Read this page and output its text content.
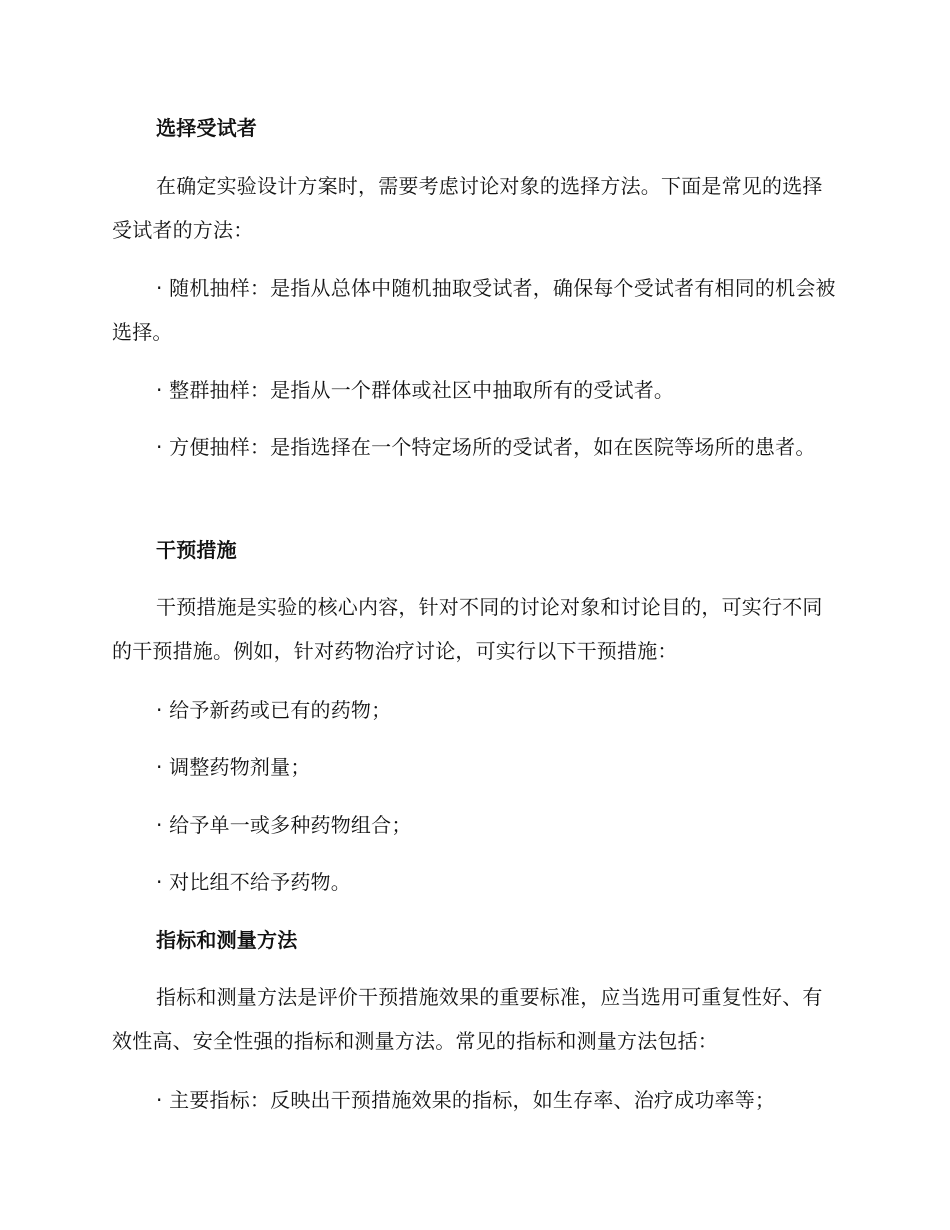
选择受试者

在确定实验设计方案时，需要考虑讨论对象的选择方法。下面是常见的选择受试者的方法：

· 随机抽样：是指从总体中随机抽取受试者，确保每个受试者有相同的机会被选择。

· 整群抽样：是指从一个群体或社区中抽取所有的受试者。

· 方便抽样：是指选择在一个特定场所的受试者，如在医院等场所的患者。

干预措施

干预措施是实验的核心内容，针对不同的讨论对象和讨论目的，可实行不同的干预措施。例如，针对药物治疗讨论，可实行以下干预措施：

· 给予新药或已有的药物；

· 调整药物剂量；

· 给予单一或多种药物组合；

· 对比组不给予药物。

指标和测量方法

指标和测量方法是评价干预措施效果的重要标准，应当选用可重复性好、有效性高、安全性强的指标和测量方法。常见的指标和测量方法包括：

· 主要指标：反映出干预措施效果的指标，如生存率、治疗成功率等；
